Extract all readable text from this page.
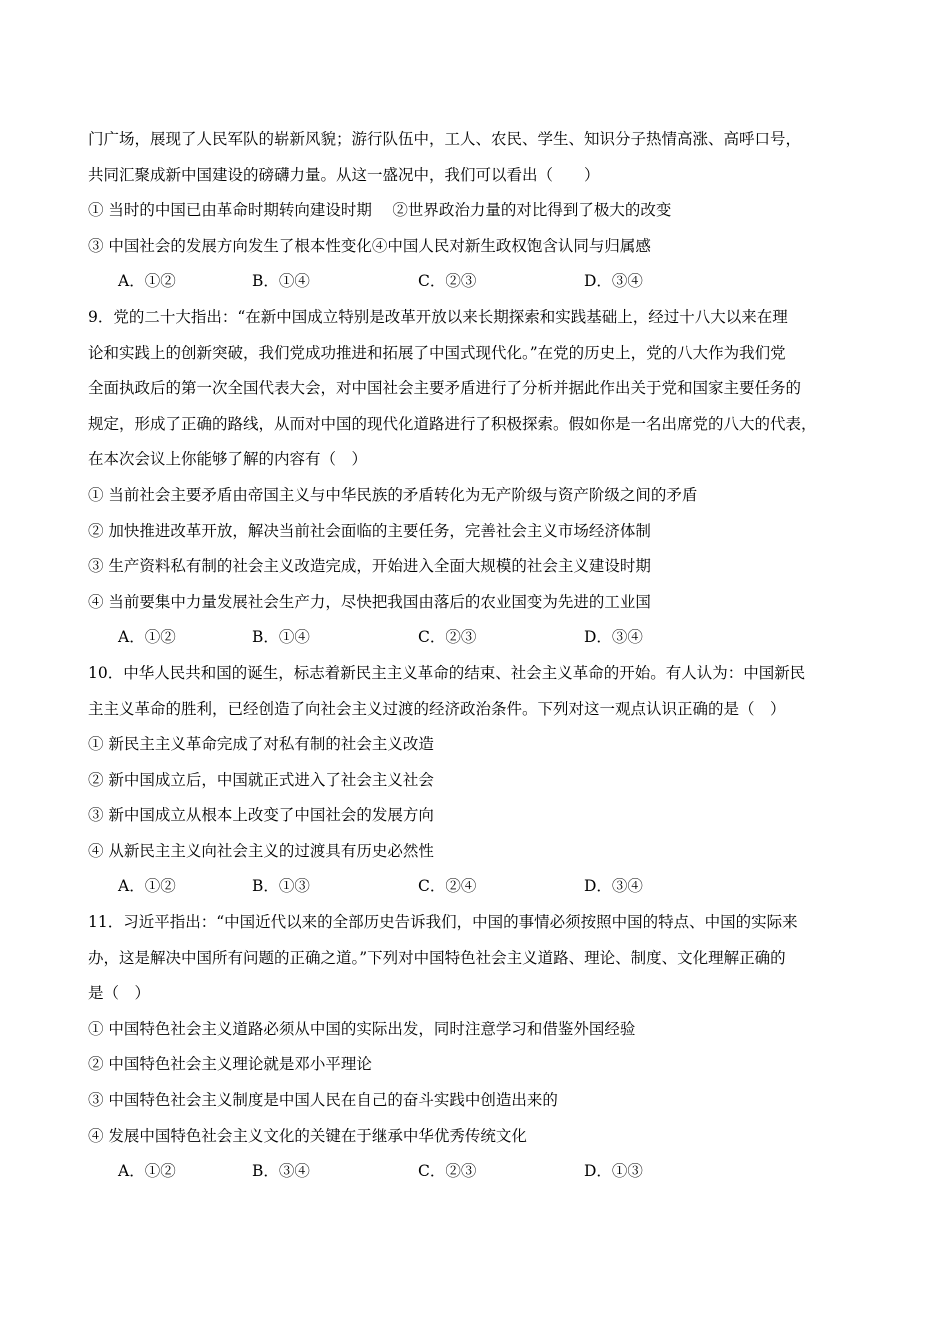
门广场，展现了人民军队的崭新风貌；游行队伍中，工人、农民、学生、知识分子热情高涨、高呼口号，
共同汇聚成新中国建设的磅礴力量。从这一盛况中，我们可以看出（　　）
① 当时的中国已由革命时期转向建设时期　 ②世界政治力量的对比得到了极大的改变
③ 中国社会的发展方向发生了根本性变化④中国人民对新生政权饱含认同与归属感
A．①②	B．①④	C．②③	D．③④
9．党的二十大指出：“在新中国成立特别是改革开放以来长期探索和实践基础上，经过十八大以来在理
论和实践上的创新突破，我们党成功推进和拓展了中国式现代化。”在党的历史上，党的八大作为我们党
全面执政后的第一次全国代表大会，对中国社会主要矛盾进行了分析并据此作出关于党和国家主要任务的
规定，形成了正确的路线，从而对中国的现代化道路进行了积极探索。假如你是一名出席党的八大的代表，
在本次会议上你能够了解的内容有（　）
① 当前社会主要矛盾由帝国主义与中华民族的矛盾转化为无产阶级与资产阶级之间的矛盾
② 加快推进改革开放，解决当前社会面临的主要任务，完善社会主义市场经济体制
③ 生产资料私有制的社会主义改造完成，开始进入全面大规模的社会主义建设时期
④ 当前要集中力量发展社会生产力，尽快把我国由落后的农业国变为先进的工业国
A．①②	B．①④	C．②③	D．③④
10．中华人民共和国的诞生，标志着新民主主义革命的结束、社会主义革命的开始。有人认为：中国新民
主主义革命的胜利，已经创造了向社会主义过渡的经济政治条件。下列对这一观点认识正确的是（　）
① 新民主主义革命完成了对私有制的社会主义改造
② 新中国成立后，中国就正式进入了社会主义社会
③ 新中国成立从根本上改变了中国社会的发展方向
④ 从新民主主义向社会主义的过渡具有历史必然性
A．①②	B．①③	C．②④	D．③④
11．习近平指出：“中国近代以来的全部历史告诉我们，中国的事情必须按照中国的特点、中国的实际来
办，这是解决中国所有问题的正确之道。”下列对中国特色社会主义道路、理论、制度、文化理解正确的
是（　）
① 中国特色社会主义道路必须从中国的实际出发，同时注意学习和借鉴外国经验
② 中国特色社会主义理论就是邓小平理论
③ 中国特色社会主义制度是中国人民在自己的奋斗实践中创造出来的
④ 发展中国特色社会主义文化的关键在于继承中华优秀传统文化
A．①②	B．③④	C．②③	D．①③
